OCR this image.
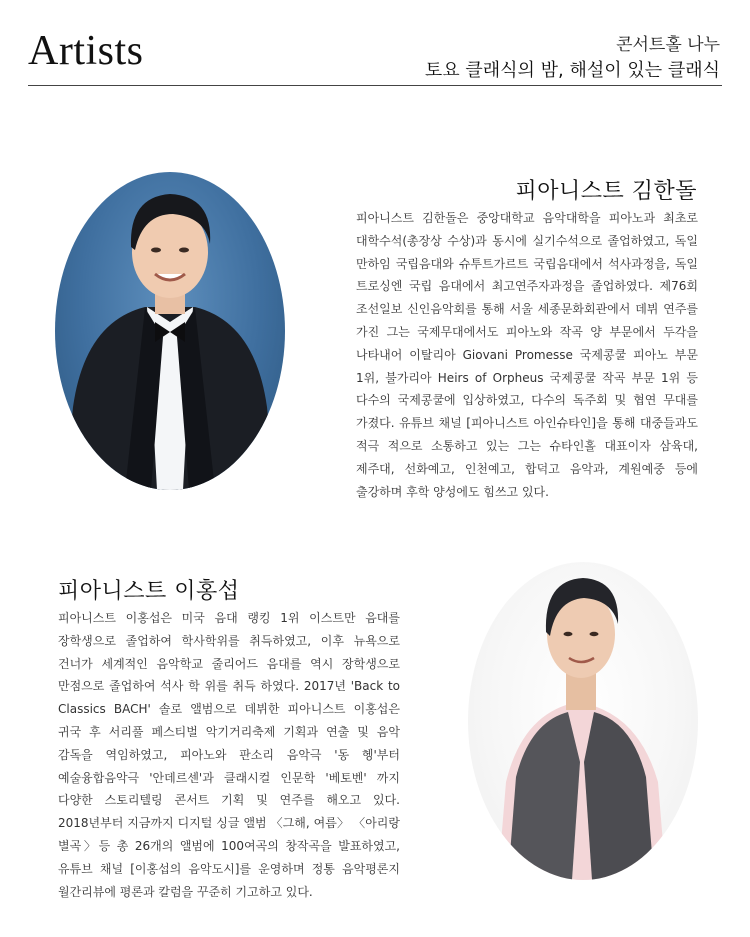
Artists	콘서트홀 나누
토요 클래식의 밤, 해설이 있는 클래식
피아니스트 김한돌

피아니스트 김한돌은 중앙대학교 음악대학을 피아노과 최초로 대학수석(총장상 수상)과 동시에 실기수석으로 졸업하였고, 독일 만하임 국립음대와 슈투트가르트 국립음대에서 석사과정을, 독일 트로싱엔 국립 음대에서 최고연주자과정을 졸업하였다. 제76회 조선일보 신인음악회를 통해 서울 세종문화회관에서 데뷔 연주를 가진 그는 국제무대에서도 피아노와 작곡 양 부문에서 두각을 나타내어 이탈리아 Giovani Promesse 국제콩쿨 피아노 부문 1위, 불가리아 Heirs of Orpheus 국제콩쿨 작곡 부문 1위 등 다수의 국제콩쿨에 입상하였고, 다수의 독주회 및 협연 무대를 가졌다. 유튜브 채널 [피아니스트 아인슈타인]을 통해 대중들과도 적극 적으로 소통하고 있는 그는 슈타인홀 대표이자 삼육대, 제주대, 선화예고, 인천예고, 합덕고 음악과, 계원예중 등에 출강하며 후학 양성에도 힘쓰고 있다.

피아니스트 이홍섭

피아니스트 이홍섭은 미국 음대 랭킹 1위 이스트만 음대를 장학생으로 졸업하여 학사학위를 취득하였고, 이후 뉴욕으로 건너가 세계적인 음악학교 줄리어드 음대를 역시 장학생으로 만점으로 졸업하여 석사 학 위를 취득 하였다. 2017년 'Back to Classics BACH' 솔로 앨범으로 데뷔한 피아니스트 이홍섭은 귀국 후 서리풀 페스티벌 악기거리축제 기획과 연출 및 음악 감독을 역임하였고, 피아노와 판소리 음악극 '동 헹'부터 예술융합음악극 '안데르센'과 클래시컬 인문학 '베토벤' 까지 다양한 스토리텔링 콘서트 기획 및 연주를 해오고 있다. 2018년부터 지금까지 디지털 싱글 앨범 〈그해, 여름〉 〈아리랑 별곡〉등 총 26개의 앨범에 100여곡의 창작곡을 발표하였고, 유튜브 채널 [이홍섭의 음악도시]를 운영하며 정통 음악평론지 월간리뷰에 평론과 칼럼을 꾸준히 기고하고 있다.
